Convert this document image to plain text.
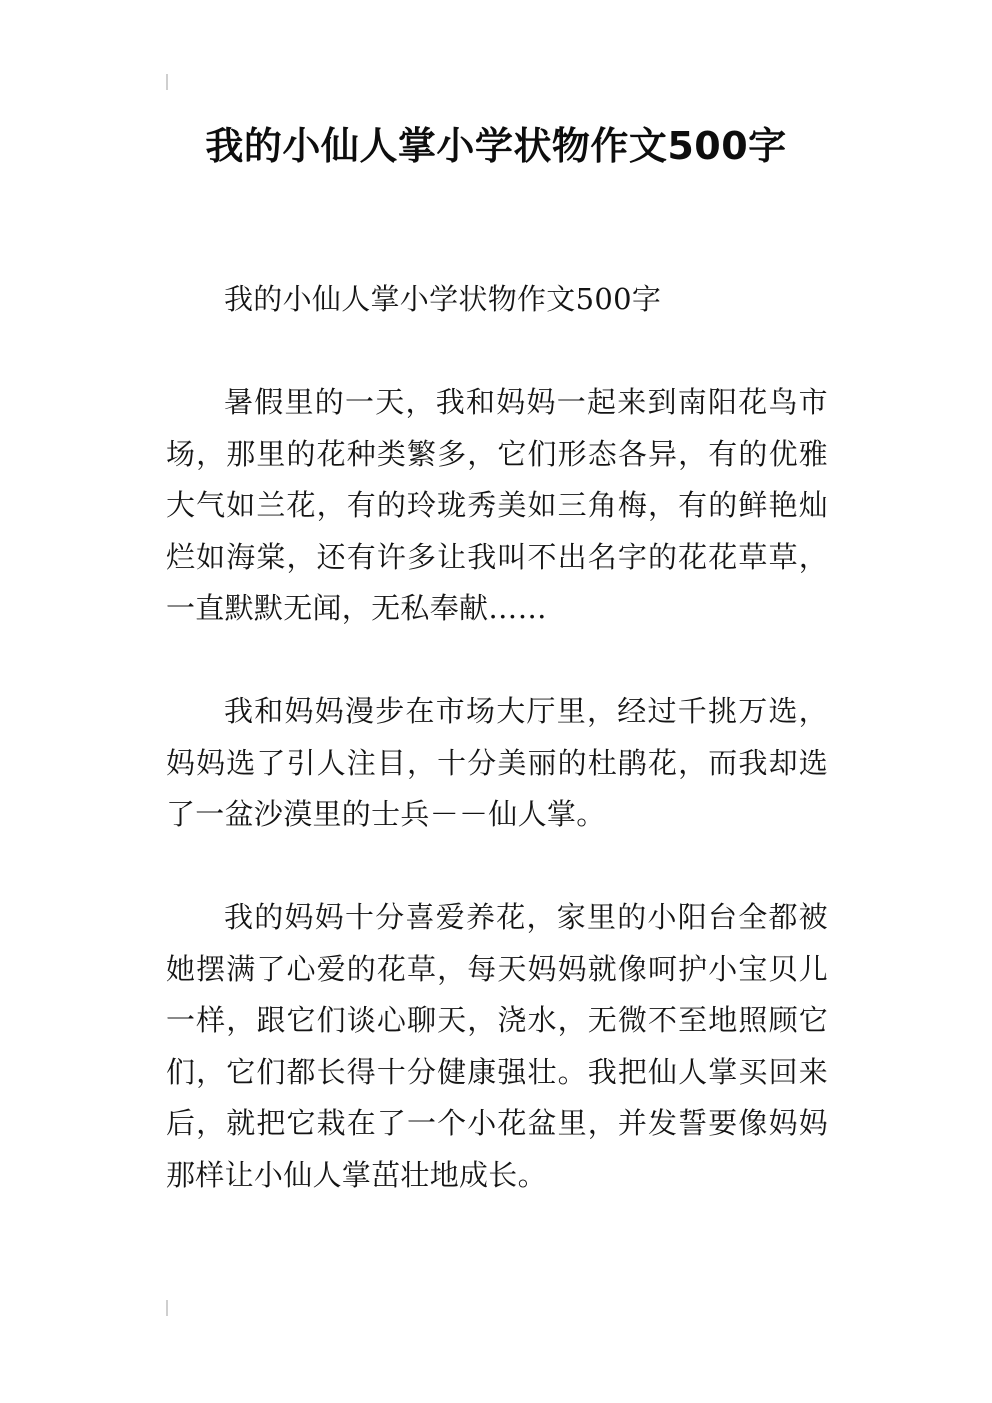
我的小仙人掌小学状物作文500字

我的小仙人掌小学状物作文500字

暑假里的一天，我和妈妈一起来到南阳花鸟市场，那里的花种类繁多，它们形态各异，有的优雅大气如兰花，有的玲珑秀美如三角梅，有的鲜艳灿烂如海棠，还有许多让我叫不出名字的花花草草，一直默默无闻，无私奉献……

我和妈妈漫步在市场大厅里，经过千挑万选，妈妈选了引人注目，十分美丽的杜鹃花，而我却选了一盆沙漠里的士兵－－仙人掌。

我的妈妈十分喜爱养花，家里的小阳台全都被她摆满了心爱的花草，每天妈妈就像呵护小宝贝儿一样，跟它们谈心聊天，浇水，无微不至地照顾它们，它们都长得十分健康强壮。我把仙人掌买回来后，就把它栽在了一个小花盆里，并发誓要像妈妈那样让小仙人掌茁壮地成长。
